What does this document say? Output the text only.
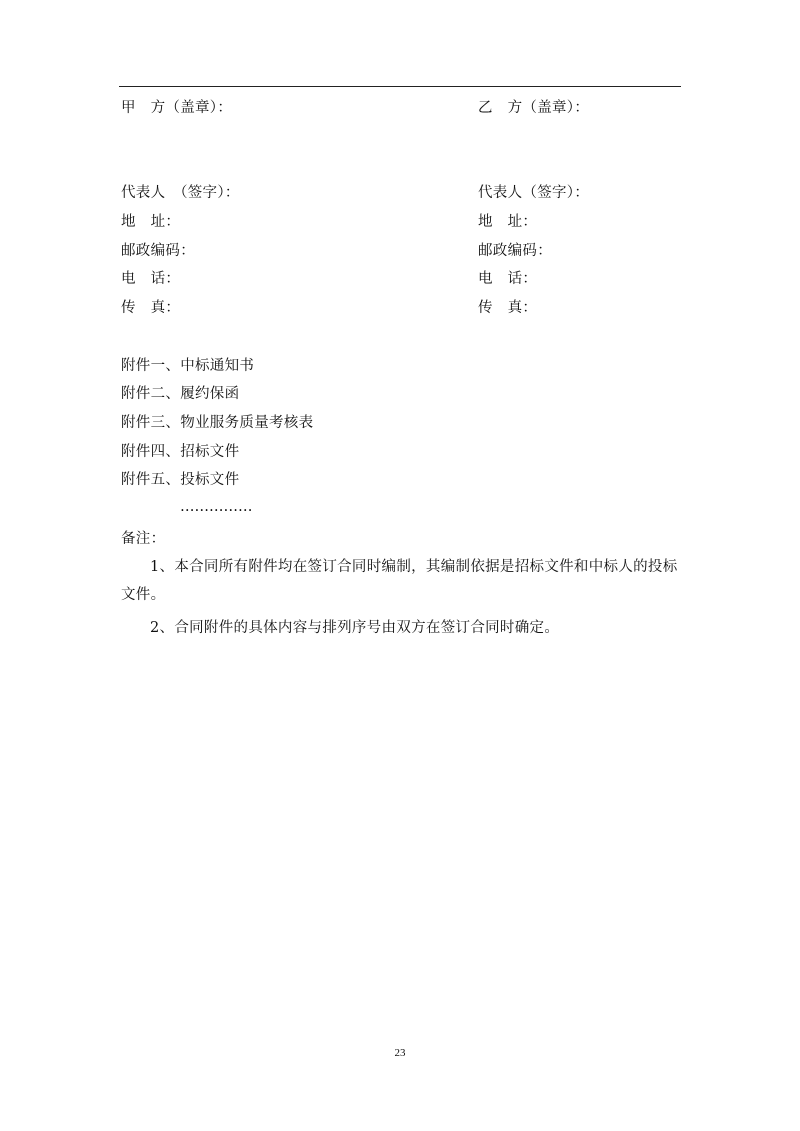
甲　方（盖章）：
代表人　（签字）：
地　址：
邮政编码：
电　话：
传　真：
乙　方（盖章）：
代表人（签字）：
地　址：
邮政编码：
电　话：
传　真：
附件一、中标通知书
附件二、履约保函
附件三、物业服务质量考核表
附件四、招标文件
附件五、投标文件
……………
备注：
1、本合同所有附件均在签订合同时编制，其编制依据是招标文件和中标人的投标文件。
2、合同附件的具体内容与排列序号由双方在签订合同时确定。
23
